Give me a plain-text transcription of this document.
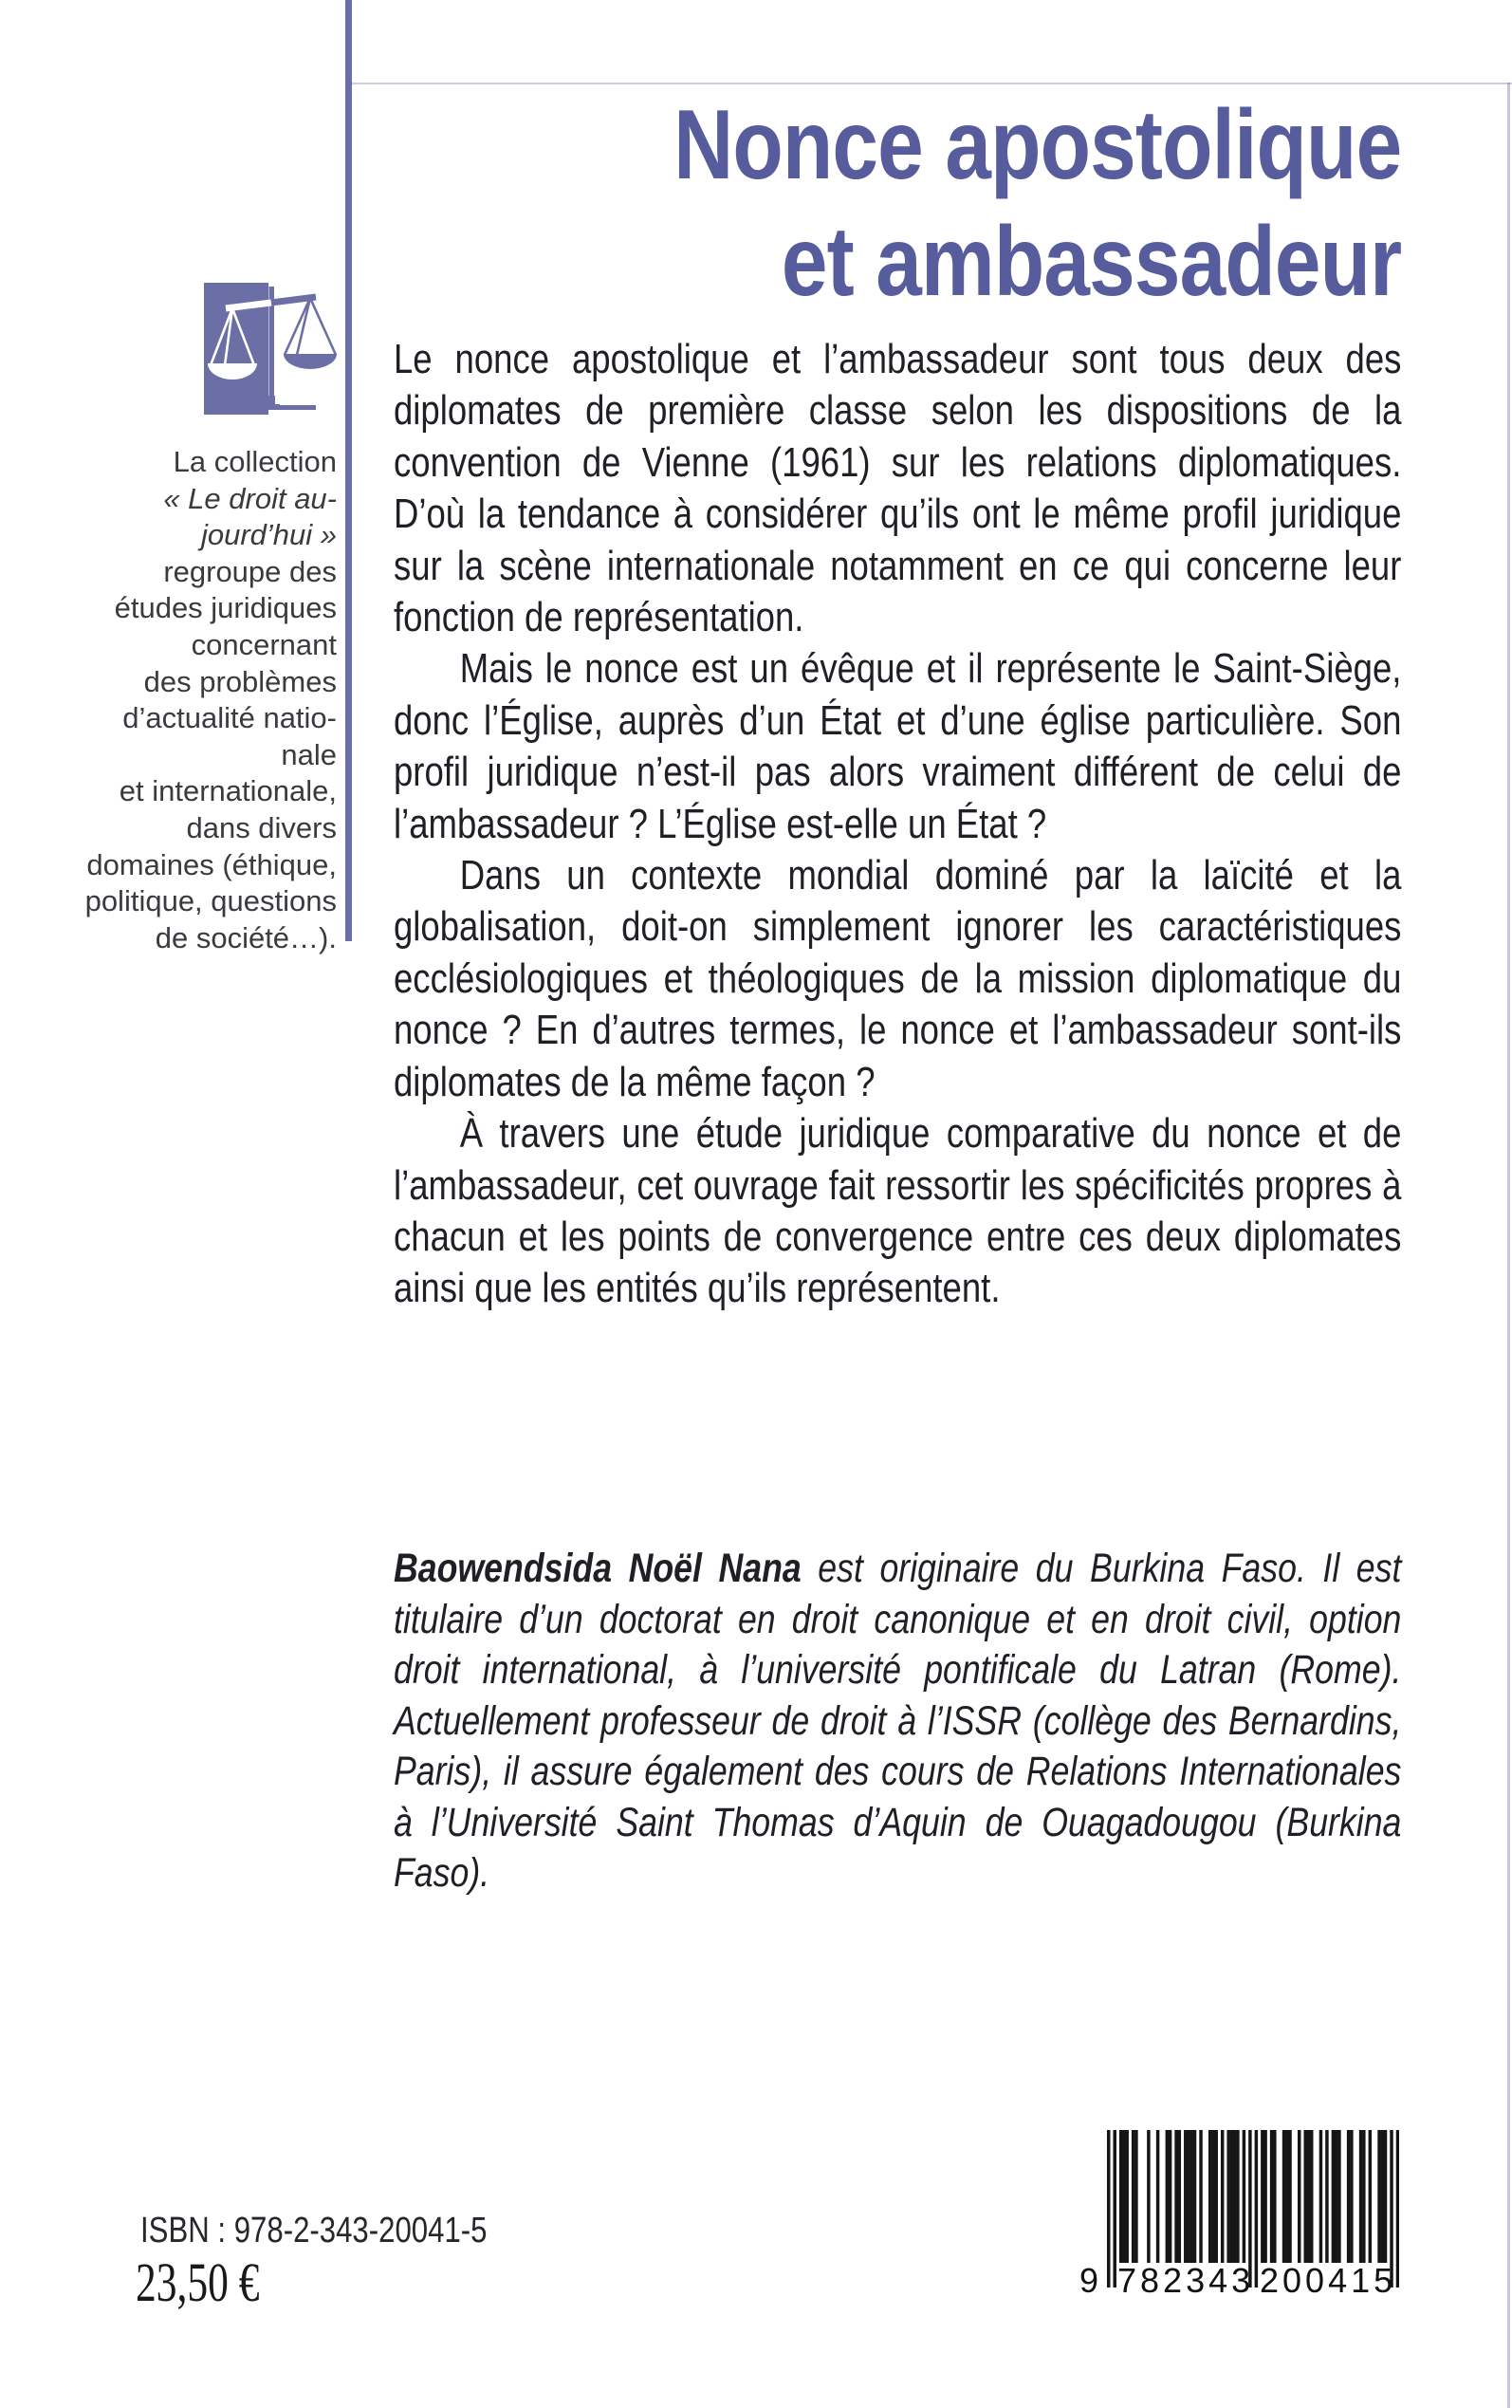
Nonce apostolique
et ambassadeur
La collection
« Le droit au-
jourd’hui »
regroupe des
études juridiques
concernant
des problèmes
d’actualité natio-
nale
et internationale,
dans divers
domaines (éthique,
politique, questions
de société…).

Le nonce apostolique et l’ambassadeur sont tous deux des diplomates de première classe selon les dispositions de la convention de Vienne (1961) sur les relations diplomatiques. D’où la tendance à considérer qu’ils ont le même profil juridique sur la scène internationale notamment en ce qui concerne leur fonction de représentation.

Mais le nonce est un évêque et il représente le Saint-Siège, donc l’Église, auprès d’un État et d’une église particulière. Son profil juridique n’est-il pas alors vraiment différent de celui de l’ambassadeur ? L’Église est-elle un État ?

Dans un contexte mondial dominé par la laïcité et la globalisation, doit-on simplement ignorer les caractéristiques ecclésiologiques et théologiques de la mission diplomatique du nonce ? En d’autres termes, le nonce et l’ambassadeur sont-ils diplomates de la même façon ?

À travers une étude juridique comparative du nonce et de l’ambassadeur, cet ouvrage fait ressortir les spécificités propres à chacun et les points de convergence entre ces deux diplomates ainsi que les entités qu’ils représentent.

Baowendsida Noël Nana est originaire du Burkina Faso. Il est titulaire d’un doctorat en droit canonique et en droit civil, option droit international, à l’université pontificale du Latran (Rome). Actuellement professeur de droit à l’ISSR (collège des Bernardins, Paris), il assure également des cours de Relations Internationales à l’Université Saint Thomas d’Aquin de Ouagadougou (Burkina Faso).

ISBN : 978-2-343-20041-5
23,50 €	9 782343 200415
